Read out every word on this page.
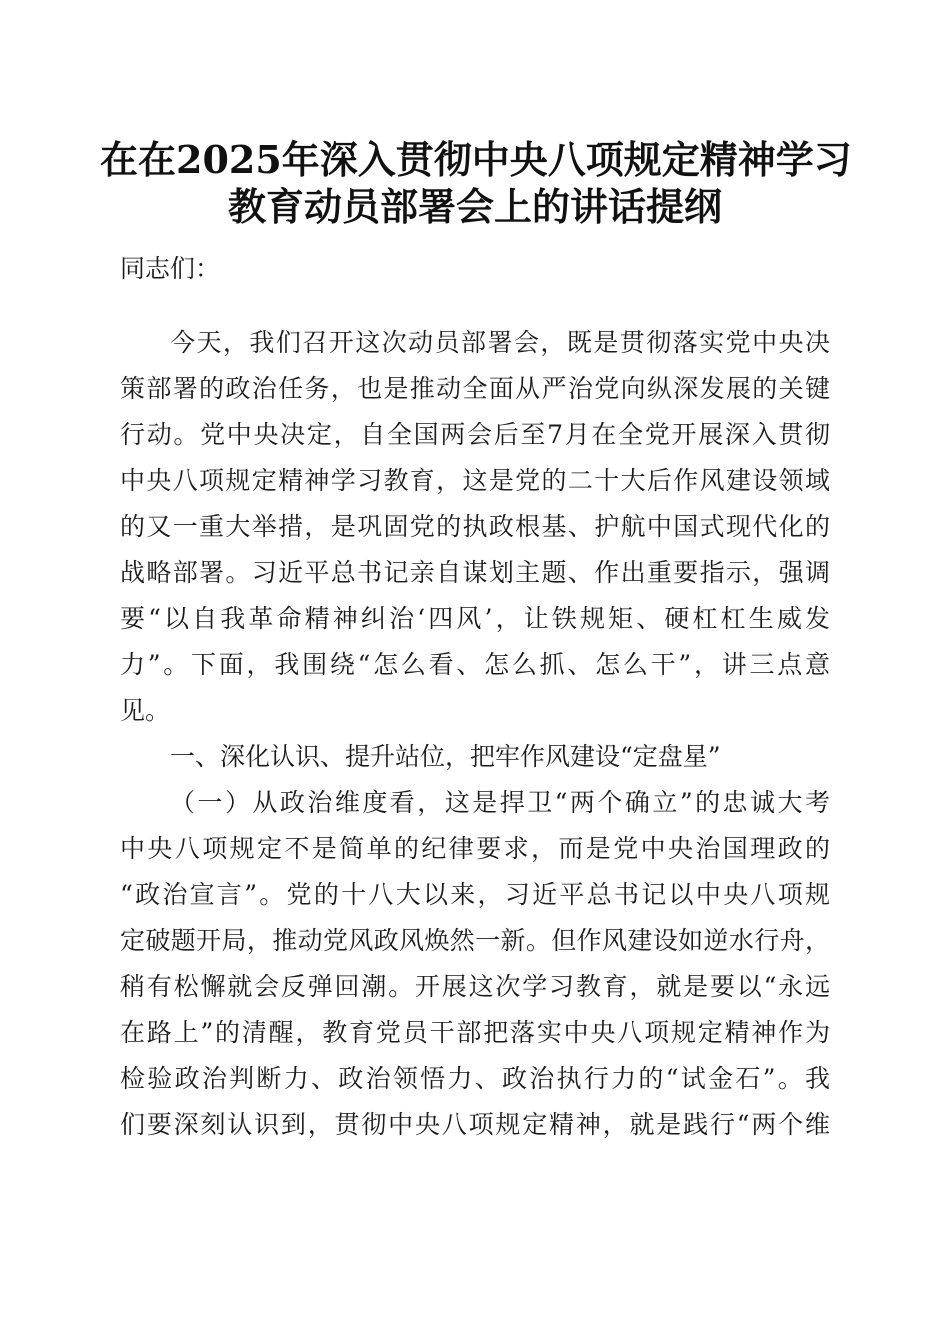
在在2025年深入贯彻中央八项规定精神学习
教育动员部署会上的讲话提纲
同志们：
今天，我们召开这次动员部署会，既是贯彻落实党中央决
策部署的政治任务，也是推动全面从严治党向纵深发展的关键
行动。党中央决定，自全国两会后至7月在全党开展深入贯彻
中央八项规定精神学习教育，这是党的二十大后作风建设领域
的又一重大举措，是巩固党的执政根基、护航中国式现代化的
战略部署。习近平总书记亲自谋划主题、作出重要指示，强调
要“以自我革命精神纠治‘四风’，让铁规矩、硬杠杠生威发
力”。下面，我围绕“怎么看、怎么抓、怎么干”，讲三点意
见。
一、深化认识、提升站位，把牢作风建设“定盘星”
（一）从政治维度看，这是捍卫“两个确立”的忠诚大考
中央八项规定不是简单的纪律要求，而是党中央治国理政的
“政治宣言”。党的十八大以来，习近平总书记以中央八项规
定破题开局，推动党风政风焕然一新。但作风建设如逆水行舟，
稍有松懈就会反弹回潮。开展这次学习教育，就是要以“永远
在路上”的清醒，教育党员干部把落实中央八项规定精神作为
检验政治判断力、政治领悟力、政治执行力的“试金石”。我
们要深刻认识到，贯彻中央八项规定精神，就是践行“两个维
